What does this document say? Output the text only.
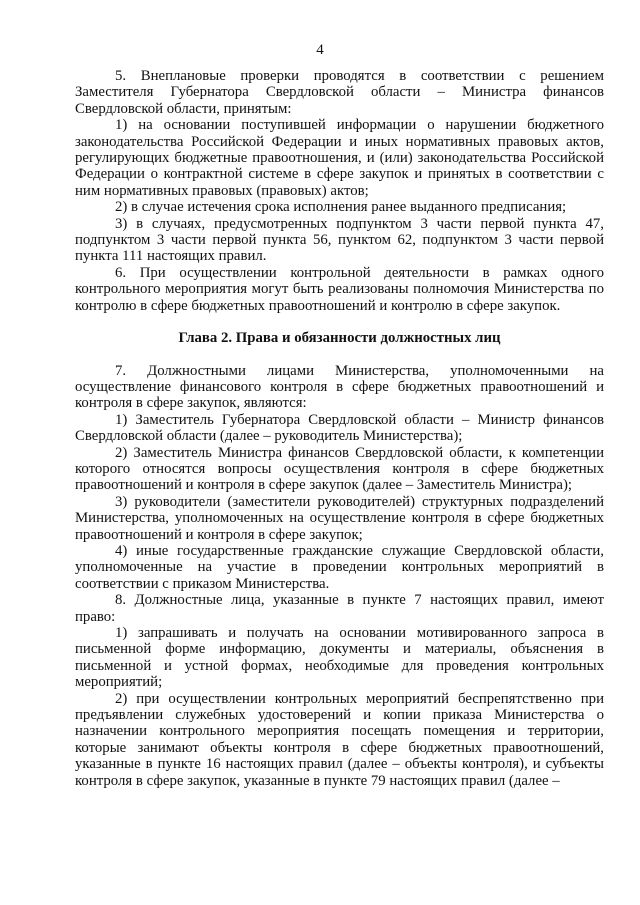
4

5. Внеплановые проверки проводятся в соответствии с решением Заместителя Губернатора Свердловской области – Министра финансов Свердловской области, принятым:

1) на основании поступившей информации о нарушении бюджетного законодательства Российской Федерации и иных нормативных правовых актов, регулирующих бюджетные правоотношения, и (или) законодательства Российской Федерации о контрактной системе в сфере закупок и принятых в соответствии с ним нормативных правовых (правовых) актов;

2) в случае истечения срока исполнения ранее выданного предписания;

3) в случаях, предусмотренных подпунктом 3 части первой пункта 47, подпунктом 3 части первой пункта 56, пунктом 62, подпунктом 3 части первой пункта 111 настоящих правил.

6. При осуществлении контрольной деятельности в рамках одного контрольного мероприятия могут быть реализованы полномочия Министерства по контролю в сфере бюджетных правоотношений и контролю в сфере закупок.

Глава 2. Права и обязанности должностных лиц

7. Должностными лицами Министерства, уполномоченными на осуществление финансового контроля в сфере бюджетных правоотношений и контроля в сфере закупок, являются:

1) Заместитель Губернатора Свердловской области – Министр финансов Свердловской области (далее – руководитель Министерства);

2) Заместитель Министра финансов Свердловской области, к компетенции которого относятся вопросы осуществления контроля в сфере бюджетных правоотношений и контроля в сфере закупок (далее – Заместитель Министра);

3) руководители (заместители руководителей) структурных подразделений Министерства, уполномоченных на осуществление контроля в сфере бюджетных правоотношений и контроля в сфере закупок;

4) иные государственные гражданские служащие Свердловской области, уполномоченные на участие в проведении контрольных мероприятий в соответствии с приказом Министерства.

8. Должностные лица, указанные в пункте 7 настоящих правил, имеют право:

1) запрашивать и получать на основании мотивированного запроса в письменной форме информацию, документы и материалы, объяснения в письменной и устной формах, необходимые для проведения контрольных мероприятий;

2) при осуществлении контрольных мероприятий беспрепятственно при предъявлении служебных удостоверений и копии приказа Министерства о назначении контрольного мероприятия посещать помещения и территории, которые занимают объекты контроля в сфере бюджетных правоотношений, указанные в пункте 16 настоящих правил (далее – объекты контроля), и субъекты контроля в сфере закупок, указанные в пункте 79 настоящих правил (далее –
